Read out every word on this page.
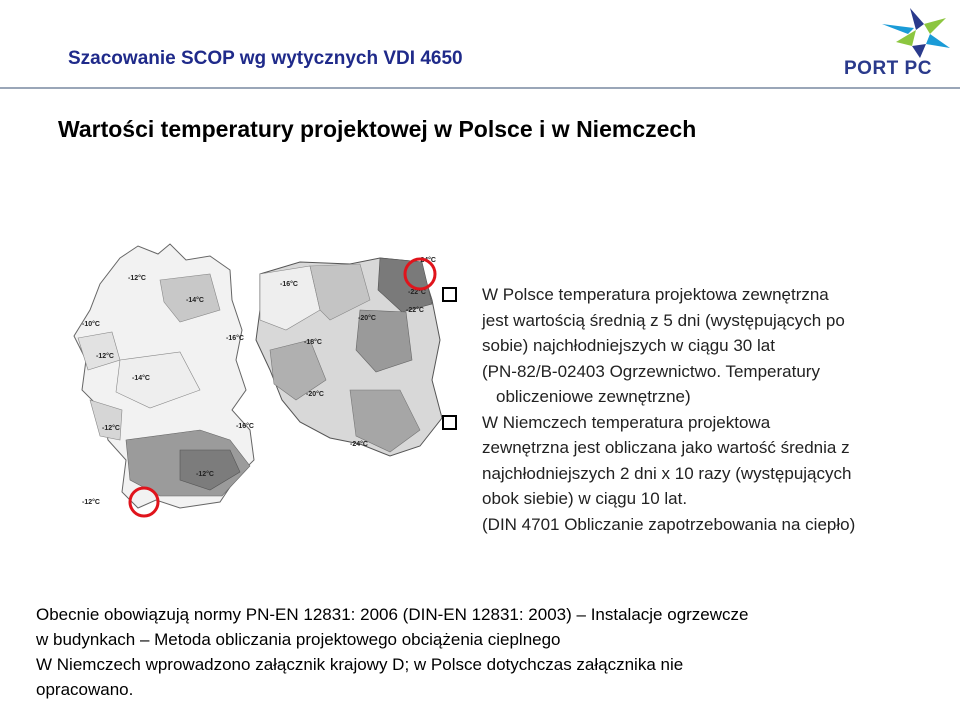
Szacowanie SCOP wg wytycznych VDI 4650	PORT PC
Wartości temperatury projektowej w Polsce i w Niemczech
-10°C
-12°C
-12°C
-14°C
-14°C
-16°C
-12°C
-12°C
-16°C
-12°C
-16°C
-18°C
-20°C
-20°C
-22°C
-22°C
-24°C
-24°C

W Polsce temperatura projektowa zewnętrzna
jest wartością średnią z 5 dni (występujących po
sobie) najchłodniejszych w ciągu 30 lat
(PN-82/B-02403 Ogrzewnictwo. Temperatury

obliczeniowe zewnętrzne)

W Niemczech temperatura projektowa
zewnętrzna jest obliczana jako wartość średnia z
najchłodniejszych 2 dni x 10 razy (występujących
obok siebie) w ciągu 10 lat.

(DIN 4701 Obliczanie zapotrzebowania na ciepło)

Obecnie obowiązują normy PN-EN 12831: 2006 (DIN-EN 12831: 2003) – Instalacje ogrzewcze

w budynkach – Metoda obliczania projektowego obciążenia cieplnego

W Niemczech wprowadzono załącznik krajowy D; w Polsce dotychczas załącznika nie

opracowano.
